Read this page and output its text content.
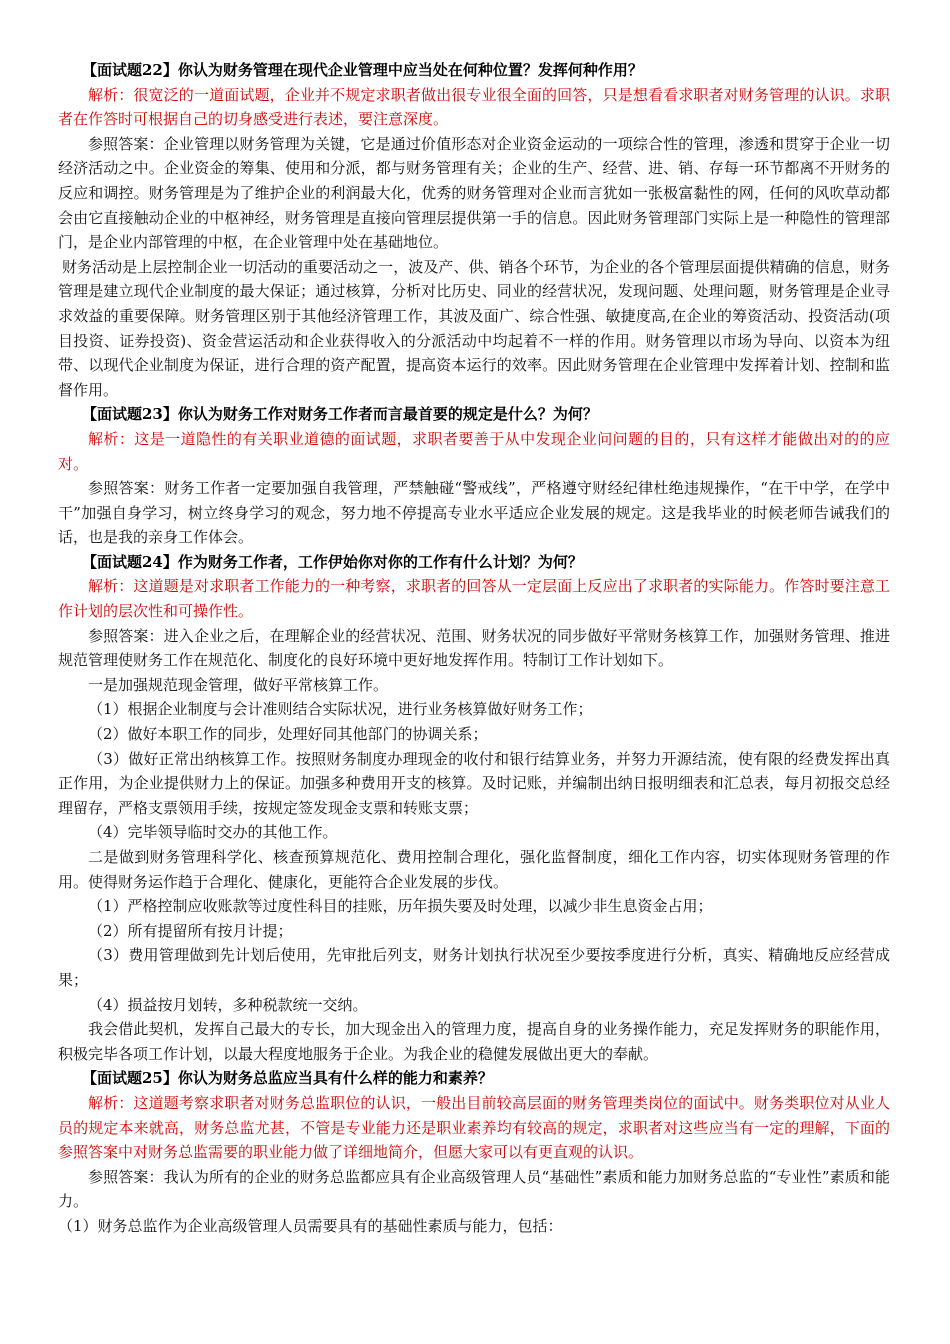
【面试题22】你认为财务管理在现代企业管理中应当处在何种位置？发挥何种作用？

解析：很宽泛的一道面试题，企业并不规定求职者做出很专业很全面的回答，只是想看看求职者对财务管理的认识。求职者在作答时可根据自己的切身感受进行表述，要注意深度。

参照答案：企业管理以财务管理为关键，它是通过价值形态对企业资金运动的一项综合性的管理，渗透和贯穿于企业一切经济活动之中。企业资金的筹集、使用和分派，都与财务管理有关；企业的生产、经营、进、销、存每一环节都离不开财务的反应和调控。财务管理是为了维护企业的利润最大化，优秀的财务管理对企业而言犹如一张极富黏性的网，任何的风吹草动都会由它直接触动企业的中枢神经，财务管理是直接向管理层提供第一手的信息。因此财务管理部门实际上是一种隐性的管理部门，是企业内部管理的中枢，在企业管理中处在基础地位。

财务活动是上层控制企业一切活动的重要活动之一，波及产、供、销各个环节，为企业的各个管理层面提供精确的信息，财务管理是建立现代企业制度的最大保证；通过核算，分析对比历史、同业的经营状况，发现问题、处理问题，财务管理是企业寻求效益的重要保障。财务管理区别于其他经济管理工作，其波及面广、综合性强、敏捷度高,在企业的筹资活动、投资活动(项目投资、证券投资)、资金营运活动和企业获得收入的分派活动中均起着不一样的作用。财务管理以市场为导向、以资本为纽带、以现代企业制度为保证，进行合理的资产配置，提高资本运行的效率。因此财务管理在企业管理中发挥着计划、控制和监督作用。

【面试题23】你认为财务工作对财务工作者而言最首要的规定是什么？为何？

解析：这是一道隐性的有关职业道德的面试题，求职者要善于从中发现企业问问题的目的，只有这样才能做出对的的应对。

参照答案：财务工作者一定要加强自我管理，严禁触碰“警戒线”，严格遵守财经纪律杜绝违规操作，“在干中学，在学中干”加强自身学习，树立终身学习的观念，努力地不停提高专业水平适应企业发展的规定。这是我毕业的时候老师告诫我们的话，也是我的亲身工作体会。

【面试题24】作为财务工作者，工作伊始你对你的工作有什么计划？为何？

解析：这道题是对求职者工作能力的一种考察，求职者的回答从一定层面上反应出了求职者的实际能力。作答时要注意工作计划的层次性和可操作性。

参照答案：进入企业之后，在理解企业的经营状况、范围、财务状况的同步做好平常财务核算工作，加强财务管理、推进规范管理使财务工作在规范化、制度化的良好环境中更好地发挥作用。特制订工作计划如下。

一是加强规范现金管理，做好平常核算工作。

（1）根据企业制度与会计准则结合实际状况，进行业务核算做好财务工作；

（2）做好本职工作的同步，处理好同其他部门的协调关系；

（3）做好正常出纳核算工作。按照财务制度办理现金的收付和银行结算业务，并努力开源结流，使有限的经费发挥出真正作用，为企业提供财力上的保证。加强多种费用开支的核算。及时记账，并编制出纳日报明细表和汇总表，每月初报交总经理留存，严格支票领用手续，按规定签发现金支票和转账支票；

（4）完毕领导临时交办的其他工作。

二是做到财务管理科学化、核查预算规范化、费用控制合理化，强化监督制度，细化工作内容，切实体现财务管理的作用。使得财务运作趋于合理化、健康化，更能符合企业发展的步伐。

（1）严格控制应收账款等过度性科目的挂账，历年损失要及时处理，以减少非生息资金占用；

（2）所有提留所有按月计提；

（3）费用管理做到先计划后使用，先审批后列支，财务计划执行状况至少要按季度进行分析，真实、精确地反应经营成果；

（4）损益按月划转，多种税款统一交纳。

我会借此契机，发挥自己最大的专长，加大现金出入的管理力度，提高自身的业务操作能力，充足发挥财务的职能作用，积极完毕各项工作计划，以最大程度地服务于企业。为我企业的稳健发展做出更大的奉献。

【面试题25】你认为财务总监应当具有什么样的能力和素养？

解析：这道题考察求职者对财务总监职位的认识，一般出目前较高层面的财务管理类岗位的面试中。财务类职位对从业人员的规定本来就高，财务总监尤甚，不管是专业能力还是职业素养均有较高的规定，求职者对这些应当有一定的理解，下面的参照答案中对财务总监需要的职业能力做了详细地简介，但愿大家可以有更直观的认识。

参照答案：我认为所有的企业的财务总监都应具有企业高级管理人员“基础性”素质和能力加财务总监的“专业性”素质和能力。

（1）财务总监作为企业高级管理人员需要具有的基础性素质与能力，包括：
